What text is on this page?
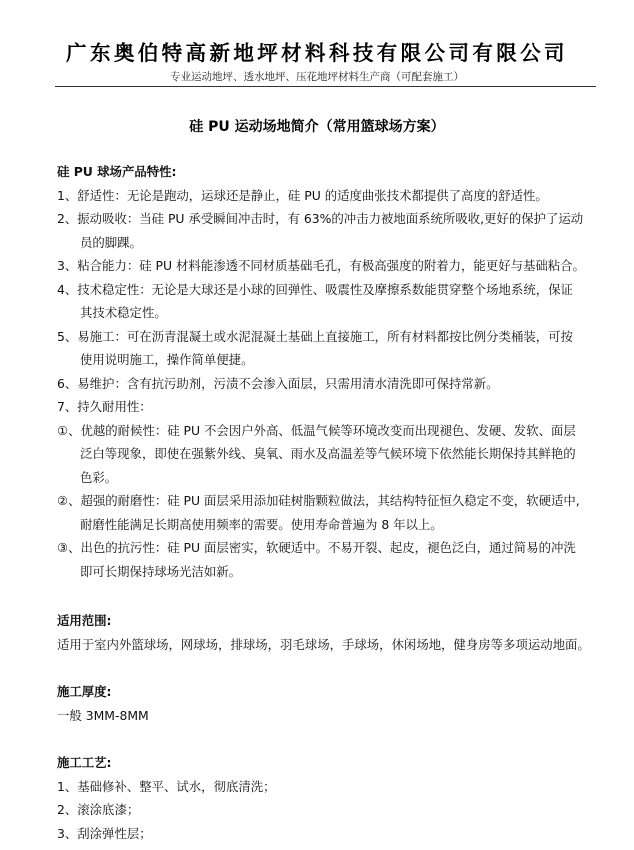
广东奥伯特高新地坪材料科技有限公司有限公司
专业运动地坪、透水地坪、压花地坪材料生产商（可配套施工）
硅 PU 运动场地简介（常用篮球场方案）
硅 PU 球场产品特性:
1、舒适性：无论是跑动，运球还是静止，硅 PU 的适度曲张技术都提供了高度的舒适性。
2、振动吸收：当硅 PU 承受瞬间冲击时，有 63%的冲击力被地面系统所吸收,更好的保护了运动
员的脚踝。
3、粘合能力：硅 PU 材料能渗透不同材质基础毛孔，有极高强度的附着力，能更好与基础粘合。
4、技术稳定性：无论是大球还是小球的回弹性、吸震性及摩擦系数能贯穿整个场地系统，保证
其技术稳定性。
5、易施工：可在沥青混凝土或水泥混凝土基础上直接施工，所有材料都按比例分类桶装，可按
使用说明施工，操作简单便捷。
6、易维护：含有抗污助剂，污渍不会渗入面层，只需用清水清洗即可保持常新。
7、持久耐用性：
①、优越的耐候性：硅 PU 不会因户外高、低温气候等环境改变而出现褪色、发硬、发软、面层
泛白等现象，即使在强紫外线、臭氧、雨水及高温差等气候环境下依然能长期保持其鲜艳的
色彩。
②、超强的耐磨性：硅 PU 面层采用添加硅树脂颗粒做法，其结构特征恒久稳定不变，软硬适中,
耐磨性能满足长期高使用频率的需要。使用寿命普遍为 8 年以上。
③、出色的抗污性：硅 PU 面层密实，软硬适中。不易开裂、起皮，褪色泛白，通过简易的冲洗
即可长期保持球场光洁如新。
适用范围:
适用于室内外篮球场，网球场，排球场，羽毛球场，手球场，休闲场地，健身房等多项运动地面。
施工厚度:
一般 3MM-8MM
施工工艺:
1、基础修补、整平、试水，彻底清洗；
2、滚涂底漆；
3、刮涂弹性层；
